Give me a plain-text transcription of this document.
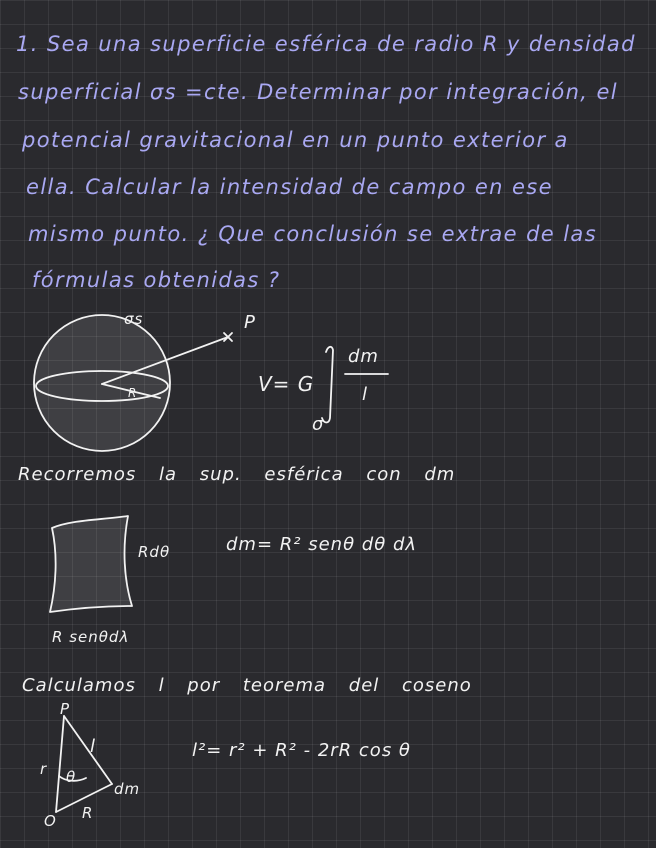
1. Sea una superficie esférica de radio R y densidad
superficial σs =cte. Determinar por integración, el
potencial gravitacional en un punto exterior a
ella. Calcular la intensidad de campo en ese
mismo punto. ¿ Que conclusión se extrae de las
fórmulas obtenidas ?
σs	P
R	V= G
dm
l
σ
Recorremos la sup. esférica con dm
Rdθ
R senθdλ
dm= R² senθ dθ dλ
Calculamos l por teorema del coseno
P
l
r θ
dm
O R
l²= r² + R² - 2rR cos θ
